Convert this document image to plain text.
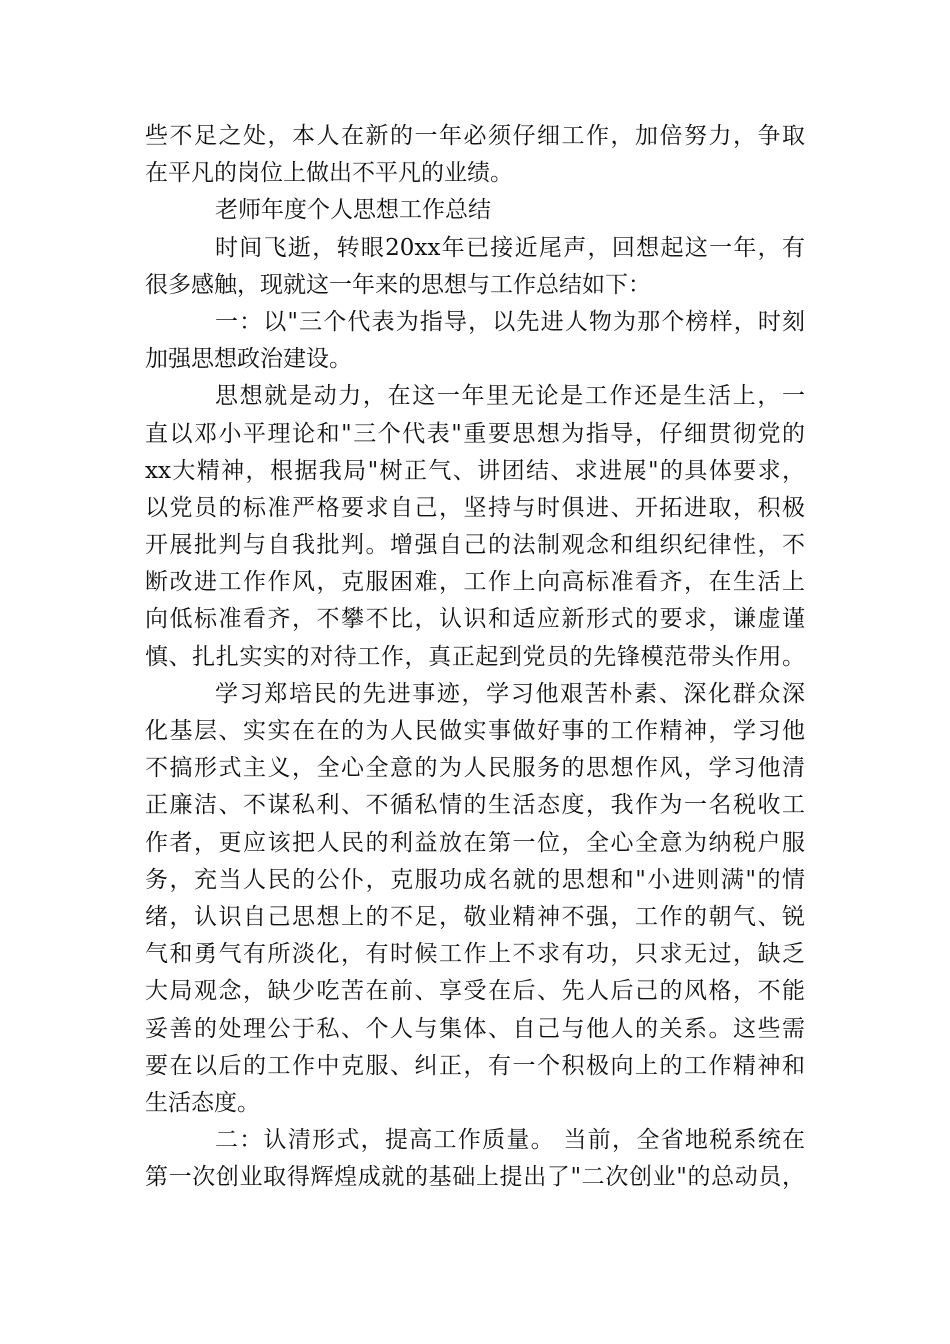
些不足之处，本人在新的一年必须仔细工作，加倍努力，争取
在平凡的岗位上做出不平凡的业绩。
老师年度个人思想工作总结
时间飞逝，转眼20xx年已接近尾声，回想起这一年，有
很多感触，现就这一年来的思想与工作总结如下：
一：以"三个代表为指导，以先进人物为那个榜样，时刻
加强思想政治建设。
思想就是动力，在这一年里无论是工作还是生活上，一
直以邓小平理论和"三个代表"重要思想为指导，仔细贯彻党的
xx大精神，根据我局"树正气、讲团结、求进展"的具体要求，
以党员的标准严格要求自己，坚持与时俱进、开拓进取，积极
开展批判与自我批判。增强自己的法制观念和组织纪律性，不
断改进工作作风，克服困难，工作上向高标准看齐，在生活上
向低标准看齐，不攀不比，认识和适应新形式的要求，谦虚谨
慎、扎扎实实的对待工作，真正起到党员的先锋模范带头作用。
学习郑培民的先进事迹，学习他艰苦朴素、深化群众深
化基层、实实在在的为人民做实事做好事的工作精神，学习他
不搞形式主义，全心全意的为人民服务的思想作风，学习他清
正廉洁、不谋私利、不循私情的生活态度，我作为一名税收工
作者，更应该把人民的利益放在第一位，全心全意为纳税户服
务，充当人民的公仆，克服功成名就的思想和"小进则满"的情
绪，认识自己思想上的不足，敬业精神不强，工作的朝气、锐
气和勇气有所淡化，有时候工作上不求有功，只求无过，缺乏
大局观念，缺少吃苦在前、享受在后、先人后己的风格，不能
妥善的处理公于私、个人与集体、自己与他人的关系。这些需
要在以后的工作中克服、纠正，有一个积极向上的工作精神和
生活态度。
二：认清形式，提高工作质量。 当前，全省地税系统在
第一次创业取得辉煌成就的基础上提出了"二次创业"的总动员，
